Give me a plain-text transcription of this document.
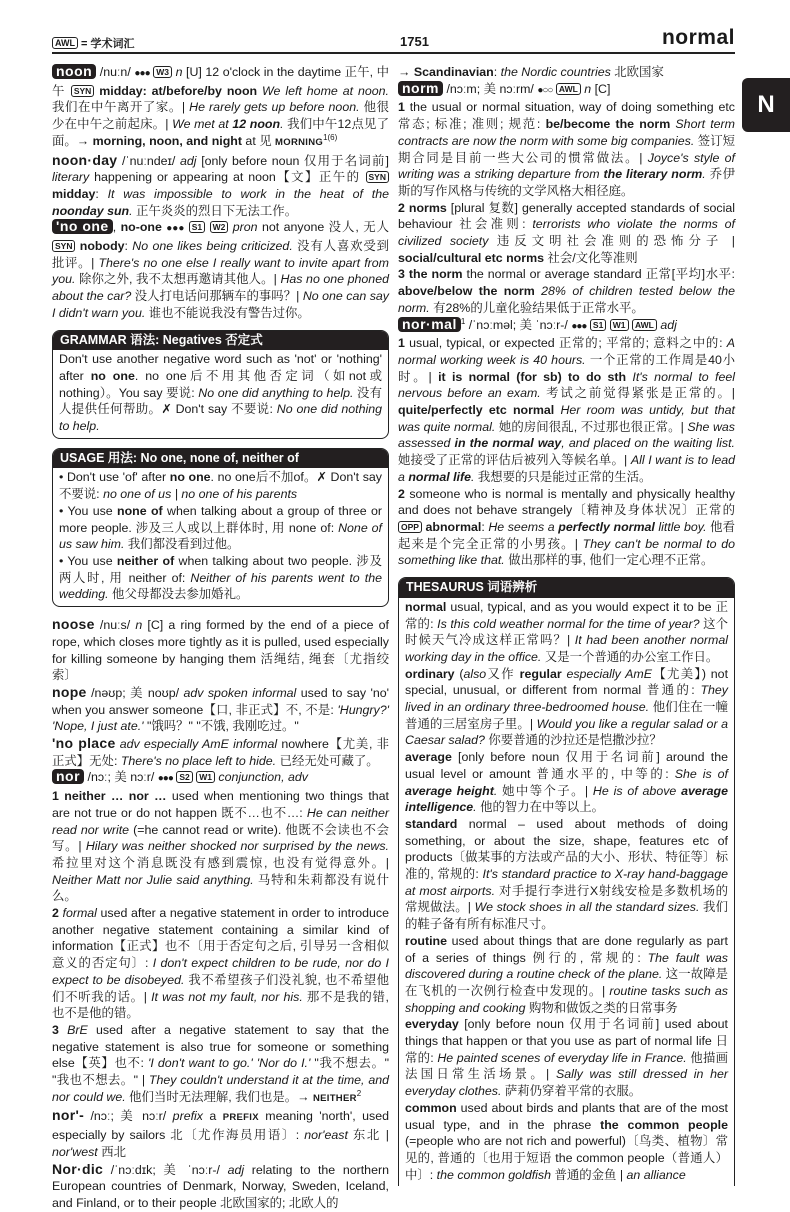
AWL = 学术词汇	1751	normal
N
noon /nuːn/ ●●● W3 n [U] 12 o'clock in the daytime 正午, 中午 SYN midday: at/before/by noon We left home at noon. 我们在中午离开了家。| He rarely gets up before noon. 他很少在中午之前起床。| We met at 12 noon. 我们中午12点见了面。→ morning, noon, and night at 见 $MORNING^{1(6)}$
noon·day /ˈnuːndeɪ/ adj [only before noun 仅用于名词前] literary happening or appearing at noon【文】正午的 SYN midday: It was impossible to work in the heat of the noonday sun. 正午炎炎的烈日下无法工作。
'no one , no-one ●●● S1 W2 pron not anyone 没人, 无人 SYN nobody: No one likes being criticized. 没有人喜欢受到批评。| There's no one else I really want to invite apart from you. 除你之外, 我不太想再邀请其他人。| Has no one phoned about the car? 没人打电话问那辆车的事吗？| No one can say I didn't warn you. 谁也不能说我没有警告过你。
GRAMMAR 语法: Negatives 否定式
Don't use another negative word such as 'not' or 'nothing' after no one. no one后不用其他否定词（如not或 nothing）。You say 要说: No one did anything to help. 没有人提供任何帮助。✗ Don't say 不要说: No one did nothing to help.
USAGE 用法: No one, none of, neither of
• Don't use 'of' after no one. no one后不加of。✗ Don't say 不要说: no one of us | no one of his parents
• You use none of when talking about a group of three or more people. 涉及三人或以上群体时, 用 none of: None of us saw him. 我们都没看到过他。
• You use neither of when talking about two people. 涉及两人时, 用 neither of: Neither of his parents went to the wedding. 他父母都没去参加婚礼。
noose /nuːs/ n [C] a ring formed by the end of a piece of rope, which closes more tightly as it is pulled, used especially for killing someone by hanging them 活绳结, 绳套〔尤指绞索〕
nope /nəʊp; 美 noʊp/ adv spoken informal used to say 'no' when you answer someone【口, 非正式】不, 不是: 'Hungry?' 'Nope, I just ate.' "饿吗？" "不饿, 我刚吃过。"
'no place adv especially AmE informal nowhere【尤美, 非正式】无处: There's no place left to hide. 已经无处可藏了。
nor /nɔː; 美 nɔːr/ ●●● S2 W1 conjunction, adv
1 neither … nor … used when mentioning two things that are not true or do not happen 既不…也不…: He can neither read nor write (=he cannot read or write). 他既不会读也不会写。| Hilary was neither shocked nor surprised by the news. 希拉里对这个消息既没有感到震惊, 也没有觉得意外。| Neither Matt nor Julie said anything. 马特和朱莉都没有说什么。
2 formal used after a negative statement in order to introduce another negative statement containing a similar kind of information【正式】也不〔用于否定句之后, 引导另一含相似意义的否定句〕: I don't expect children to be rude, nor do I expect to be disobeyed. 我不希望孩子们没礼貌, 也不希望他们不听我的话。| It was not my fault, nor his. 那不是我的错, 也不是他的错。
3 BrE used after a negative statement to say that the negative statement is also true for someone or something else【英】也不: 'I don't want to go.' 'Nor do I.' "我不想去。" "我也不想去。" | They couldn't understand it at the time, and nor could we. 他们当时无法理解, 我们也是。→ $NEITHER^2$
nor'- /nɔː; 美 nɔːr/ prefix a PREFIX meaning 'north', used especially by sailors 北〔尤作海员用语〕: nor'east 东北 | nor'west 西北
Nor·dic /ˈnɔːdɪk; 美 ˈnɔːr-/ adj relating to the northern European countries of Denmark, Norway, Sweden, Iceland, and Finland, or to their people 北欧国家的; 北欧人的
→ Scandinavian: the Nordic countries 北欧国家
norm /nɔːm; 美 nɔːrm/ ●○○ AWL n [C]
1 the usual or normal situation, way of doing something etc 常态; 标准; 准则; 规范: be/become the norm Short term contracts are now the norm with some big companies. 签订短期合同是目前一些大公司的惯常做法。| Joyce's style of writing was a striking departure from the literary norm. 乔伊斯的写作风格与传统的文学风格大相径庭。
2 norms [plural 复数] generally accepted standards of social behaviour 社会准则: terrorists who violate the norms of civilized society 违反文明社会准则的恐怖分子 | social/cultural etc norms 社会/文化等准则
3 the norm the normal or average standard 正常[平均]水平: above/below the norm 28% of children tested below the norm. 有28%的儿童化验结果低于正常水平。
nor·mal $^1$ /ˈnɔːməl; 美 ˈnɔːr-/ ●●● S1 W1 AWL adj
1 usual, typical, or expected 正常的; 平常的; 意料之中的: A normal working week is 40 hours. 一个正常的工作周是40小时。| it is normal (for sb) to do sth It's normal to feel nervous before an exam. 考试之前觉得紧张是正常的。| quite/perfectly etc normal Her room was untidy, but that was quite normal. 她的房间很乱, 不过那也很正常。| She was assessed in the normal way, and placed on the waiting list. 她接受了正常的评估后被列入等候名单。| All I want is to lead a normal life. 我想要的只是能过正常的生活。
2 someone who is normal is mentally and physically healthy and does not behave strangely〔精神及身体状况〕正常的 OPP abnormal: He seems a perfectly normal little boy. 他看起来是个完全正常的小男孩。| They can't be normal to do something like that. 做出那样的事, 他们一定心理不正常。
THESAURUS 词语辨析
normal usual, typical, and as you would expect it to be 正常的: Is this cold weather normal for the time of year? 这个时候天气冷成这样正常吗？| It had been another normal working day in the office. 又是一个普通的办公室工作日。
ordinary (also又作 regular especially AmE【尤美】) not special, unusual, or different from normal 普通的: They lived in an ordinary three-bedroomed house. 他们住在一幢普通的三居室房子里。| Would you like a regular salad or a Caesar salad? 你要普通的沙拉还是恺撒沙拉？
average [only before noun 仅用于名词前] around the usual level or amount 普通水平的, 中等的: She is of average height. 她中等个子。| He is of above average intelligence. 他的智力在中等以上。
standard normal – used about methods of doing something, or about the size, shape, features etc of products〔做某事的方法或产品的大小、形状、特征等〕标准的, 常规的: It's standard practice to X-ray hand-baggage at most airports. 对手提行李进行X射线安检是多数机场的常规做法。| We stock shoes in all the standard sizes. 我们的鞋子备有所有标准尺寸。
routine used about things that are done regularly as part of a series of things 例行的, 常规的: The fault was discovered during a routine check of the plane. 这一故障是在飞机的一次例行检查中发现的。| routine tasks such as shopping and cooking 购物和做饭之类的日常事务
everyday [only before noun 仅用于名词前] used about things that happen or that you use as part of normal life 日常的: He painted scenes of everyday life in France. 他描画法国日常生活场景。| Sally was still dressed in her everyday clothes. 萨莉仍穿着平常的衣服。
common used about birds and plants that are of the most usual type, and in the phrase the common people (=people who are not rich and powerful)〔鸟类、植物〕常见的, 普通的〔也用于短语 the common people（普通人）中〕: the common goldfish 普通的金鱼 | an alliance
